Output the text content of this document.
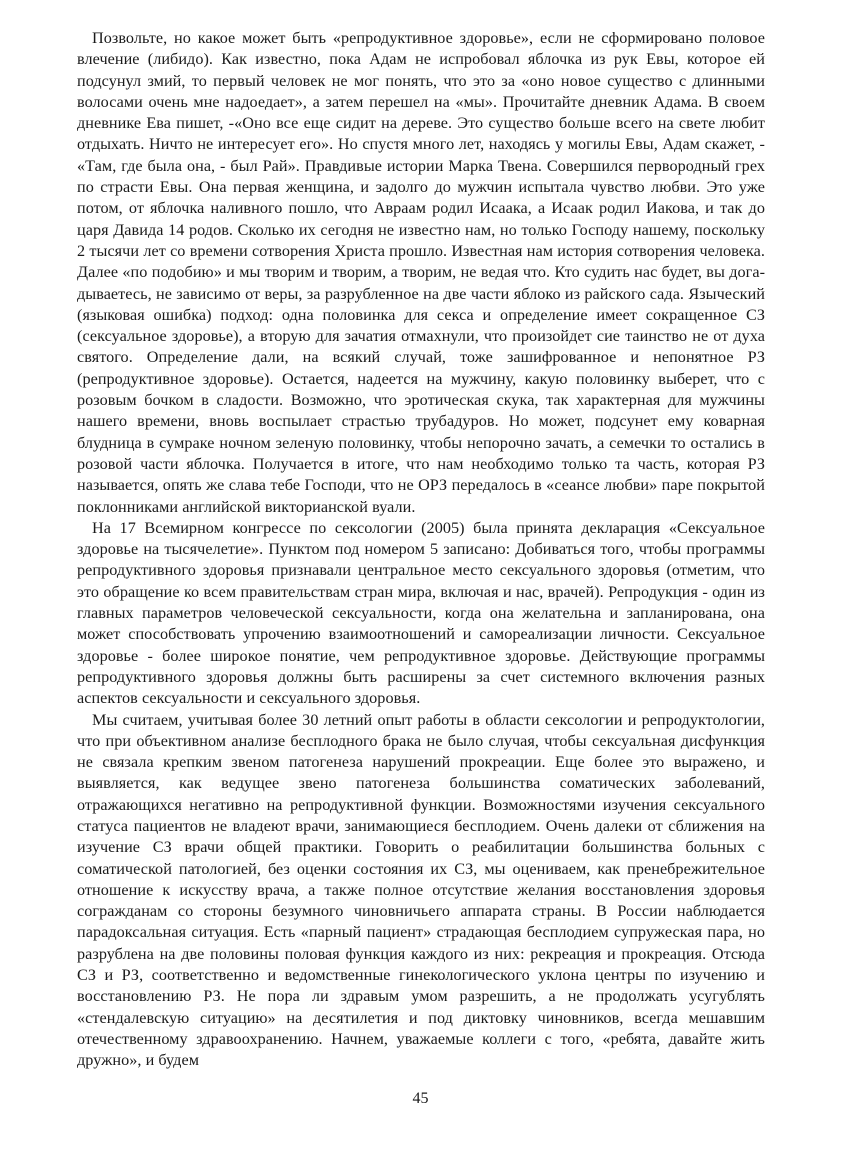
Позвольте, но какое может быть «репродуктивное здоровье», если не сформировано половое влечение (либидо). Как известно, пока Адам не испробовал яблочка из рук Евы, которое ей подсунул змий, то первый человек не мог понять, что это за «оно новое существо с длинными волосами очень мне надоедает», а затем перешел на «мы». Прочитайте дневник Адама. В своем дневнике Ева пишет, -«Оно все еще сидит на дереве. Это существо больше всего на свете любит отдыхать. Ничто не интересует его». Но спустя много лет, находясь у могилы Евы, Адам скажет, - «Там, где была она, - был Рай». Правдивые истории Марка Твена. Совершился первородный грех по страсти Евы. Она первая женщина, и задолго до мужчин испытала чувство любви. Это уже потом, от яблочка наливного пошло, что Авраам родил Исаака, а Исаак родил Иакова, и так до царя Давида 14 родов. Сколько их сегодня не известно нам, но только Господу нашему, поскольку 2 тысячи лет со времени сотворения Христа прошло. Известная нам история сотворения человека. Далее «по подобию» и мы творим и творим, а творим, не ведая что. Кто судить нас будет, вы догадываетесь, не зависимо от веры, за разрубленное на две части яблоко из райского сада. Языческий (языковая ошибка) подход: одна половинка для секса и определение имеет сокращенное СЗ (сексуальное здоровье), а вторую для зачатия отмахнули, что произойдет сие таинство не от духа святого. Определение дали, на всякий случай, тоже зашифрованное и непонятное РЗ (репродуктивное здоровье). Остается, надеется на мужчину, какую половинку выберет, что с розовым бочком в сладости. Возможно, что эротическая скука, так характерная для мужчины нашего времени, вновь воспылает страстью трубадуров. Но может, подсунет ему коварная блудница в сумраке ночном зеленую половинку, чтобы непорочно зачать, а семечки то остались в розовой части яблочка. Получается в итоге, что нам необходимо только та часть, которая РЗ называется, опять же слава тебе Господи, что не ОРЗ передалось в «сеансе любви» паре покрытой поклонниками английской викторианской вуали.

На 17 Всемирном конгрессе по сексологии (2005) была принята декларация «Сексуальное здоровье на тысячелетие». Пунктом под номером 5 записано: Добиваться того, чтобы программы репродуктивного здоровья признавали центральное место сексуального здоровья (отметим, что это обращение ко всем правительствам стран мира, включая и нас, врачей). Репродукция - один из главных параметров человеческой сексуальности, когда она желательна и запланирована, она может способствовать упрочению взаимоотношений и самореализации личности. Сексуальное здоровье - более широкое понятие, чем репродуктивное здоровье. Действующие программы репродуктивного здоровья должны быть расширены за счет системного включения разных аспектов сексуальности и сексуального здоровья.

Мы считаем, учитывая более 30 летний опыт работы в области сексологии и репродуктологии, что при объективном анализе бесплодного брака не было случая, чтобы сексуальная дисфункция не связала крепким звеном патогенеза нарушений прокреации. Еще более это выражено, и выявляется, как ведущее звено патогенеза большинства соматических заболеваний, отражающихся негативно на репродуктивной функции. Возможностями изучения сексуального статуса пациентов не владеют врачи, занимающиеся бесплодием. Очень далеки от сближения на изучение СЗ врачи общей практики. Говорить о реабилитации большинства больных с соматической патологией, без оценки состояния их СЗ, мы оцениваем, как пренебрежительное отношение к искусству врача, а также полное отсутствие желания восстановления здоровья согражданам со стороны безумного чиновничьего аппарата страны. В России наблюдается парадоксальная ситуация. Есть «парный пациент» страдающая бесплодием супружеская пара, но разрублена на две половины половая функция каждого из них: рекреация и прокреация. Отсюда СЗ и РЗ, соответственно и ведомственные гинекологического уклона центры по изучению и восстановлению РЗ. Не пора ли здравым умом разрешить, а не продолжать усугублять «стендалевскую ситуацию» на десятилетия и под диктовку чиновников, всегда мешавшим отечественному здравоохранению. Начнем, уважаемые коллеги с того, «ребята, давайте жить дружно», и будем

45
